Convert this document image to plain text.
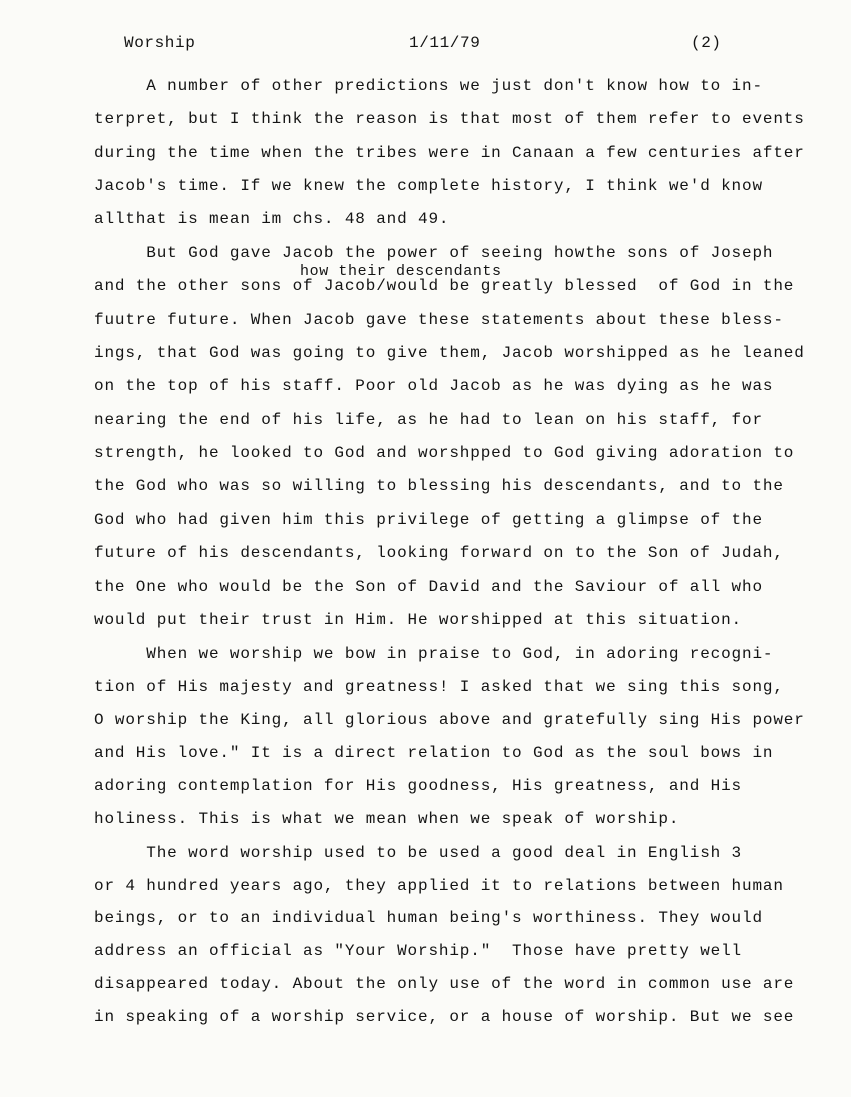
Worship	1/11/79	(2)
how their descendants
A number of other predictions we just don't know how to in-
terpret, but I think the reason is that most of them refer to events
during the time when the tribes were in Canaan a few centuries after
Jacob's time. If we knew the complete history, I think we'd know
allthat is mean im chs. 48 and 49.
But God gave Jacob the power of seeing howthe sons of Joseph
and the other sons of Jacob/would be greatly blessed  of God in the
fuutre future. When Jacob gave these statements about these bless-
ings, that God was going to give them, Jacob worshipped as he leaned
on the top of his staff. Poor old Jacob as he was dying as he was
nearing the end of his life, as he had to lean on his staff, for
strength, he looked to God and worshpped to God giving adoration to
the God who was so willing to blessing his descendants, and to the
God who had given him this privilege of getting a glimpse of the
future of his descendants, looking forward on to the Son of Judah,
the One who would be the Son of David and the Saviour of all who
would put their trust in Him. He worshipped at this situation.
When we worship we bow in praise to God, in adoring recogni-
tion of His majesty and greatness! I asked that we sing this song,
O worship the King, all glorious above and gratefully sing His power
and His love." It is a direct relation to God as the soul bows in
adoring contemplation for His goodness, His greatness, and His
holiness. This is what we mean when we speak of worship.
The word worship used to be used a good deal in English 3
or 4 hundred years ago, they applied it to relations between human
beings, or to an individual human being's worthiness. They would
address an official as "Your Worship."  Those have pretty well
disappeared today. About the only use of the word in common use are
in speaking of a worship service, or a house of worship. But we see
